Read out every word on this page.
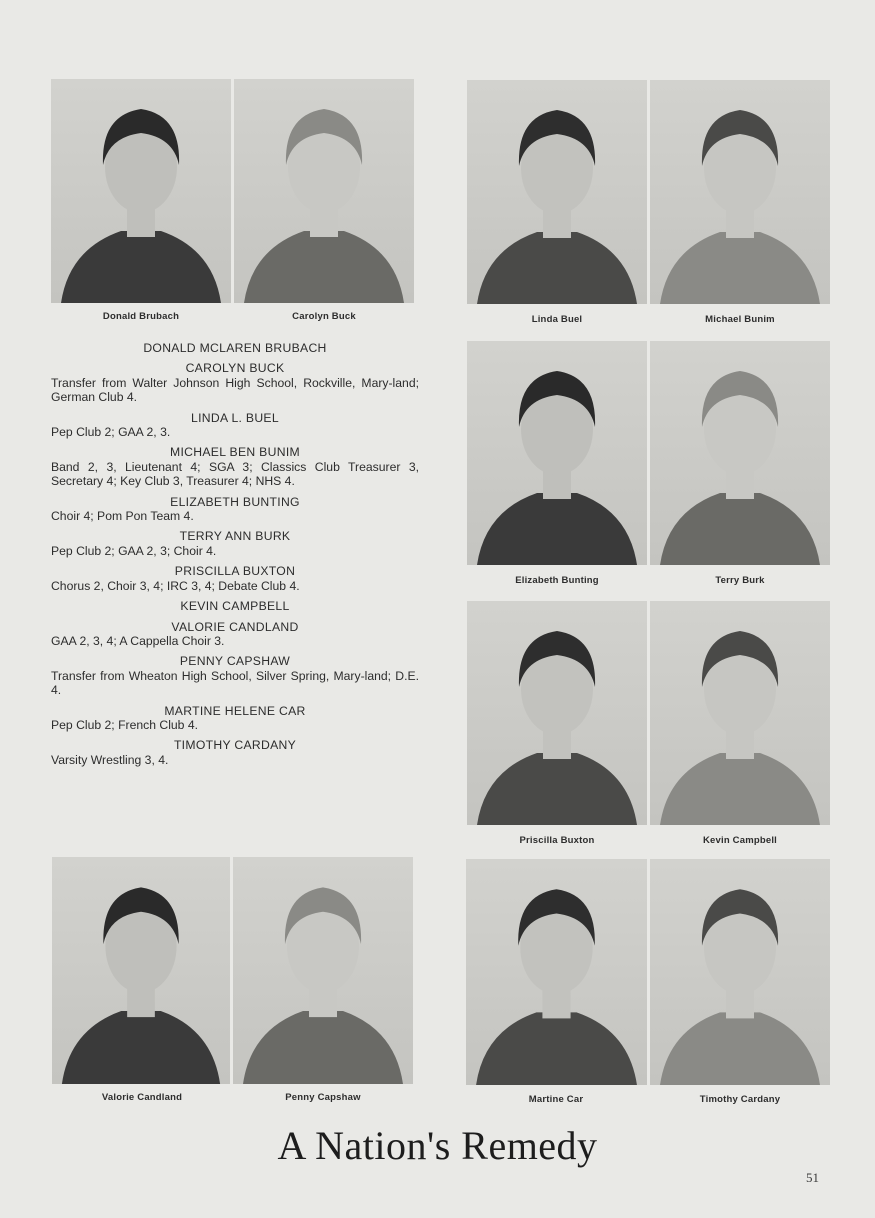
Donald Brubach	Carolyn Buck	Linda Buel	Michael Bunim
Elizabeth Bunting	Terry Burk
Priscilla Buxton	Kevin Campbell
Valorie Candland	Penny Capshaw	Martine Car	Timothy Cardany
DONALD MCLAREN BRUBACH
CAROLYN BUCK
Transfer from Walter Johnson High School, Rockville, Mary-land; German Club 4.
LINDA L. BUEL
Pep Club 2; GAA 2, 3.
MICHAEL BEN BUNIM
Band 2, 3, Lieutenant 4; SGA 3; Classics Club Treasurer 3, Secretary 4; Key Club 3, Treasurer 4; NHS 4.
ELIZABETH BUNTING
Choir 4; Pom Pon Team 4.
TERRY ANN BURK
Pep Club 2; GAA 2, 3; Choir 4.
PRISCILLA BUXTON
Chorus 2, Choir 3, 4; IRC 3, 4; Debate Club 4.
KEVIN CAMPBELL
VALORIE CANDLAND
GAA 2, 3, 4; A Cappella Choir 3.
PENNY CAPSHAW
Transfer from Wheaton High School, Silver Spring, Mary-land; D.E. 4.
MARTINE HELENE CAR
Pep Club 2; French Club 4.
TIMOTHY CARDANY
Varsity Wrestling 3, 4.
A Nation's Remedy
51
